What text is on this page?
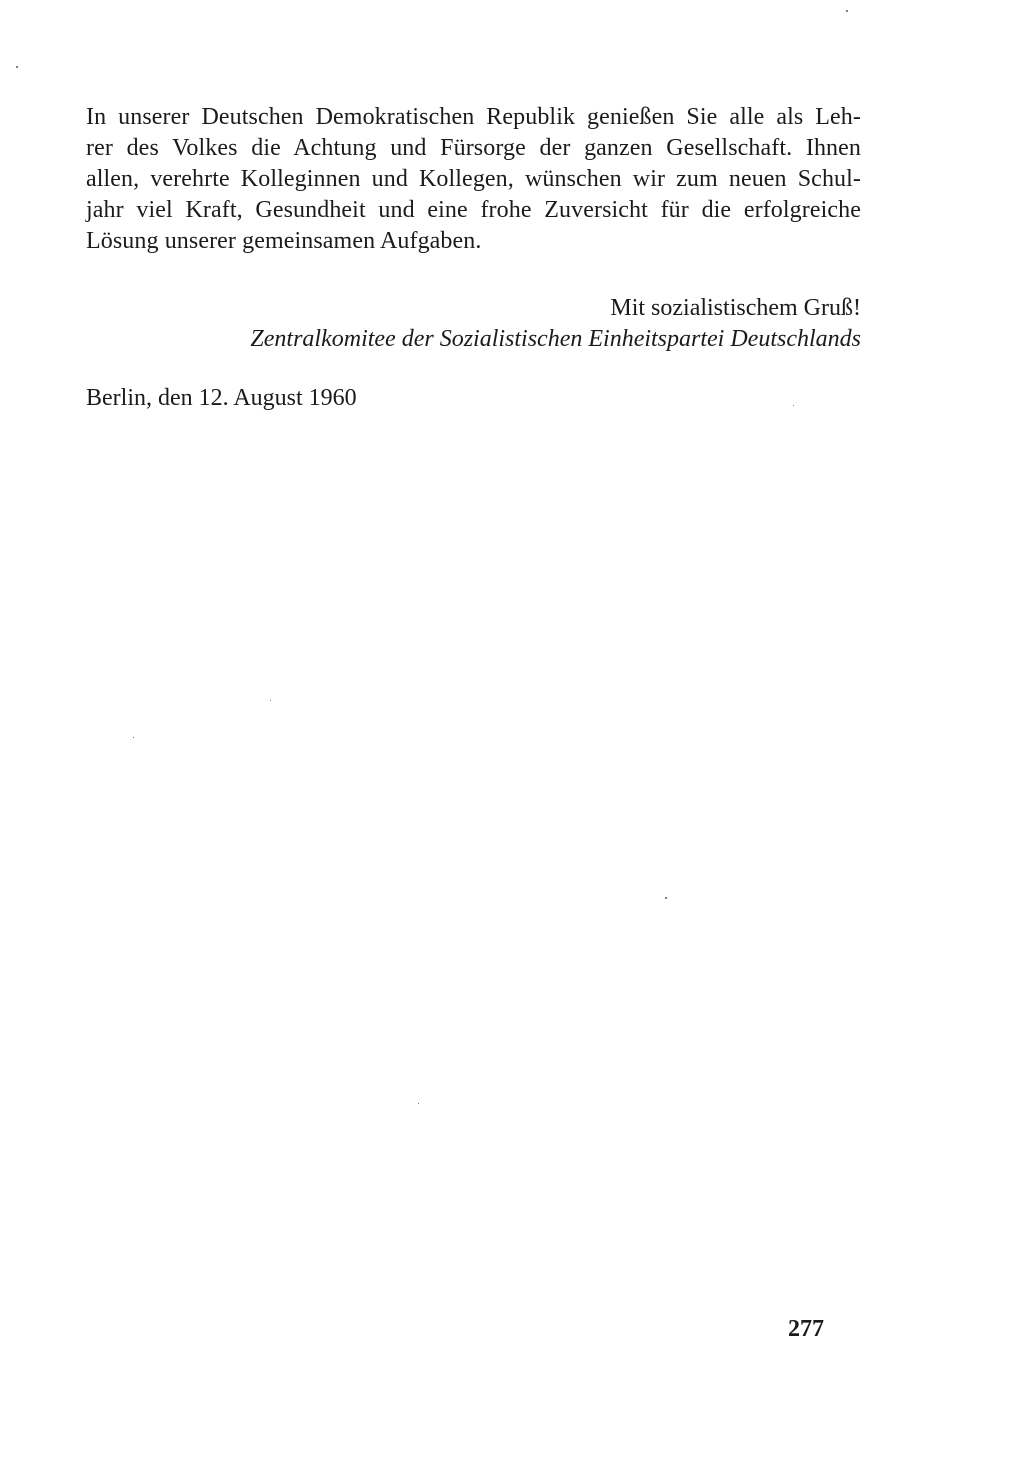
In unserer Deutschen Demokratischen Republik genießen Sie alle als Leh-
rer des Volkes die Achtung und Fürsorge der ganzen Gesellschaft. Ihnen
allen, verehrte Kolleginnen und Kollegen, wünschen wir zum neuen Schul-
jahr viel Kraft, Gesundheit und eine frohe Zuversicht für die erfolgreiche
Lösung unserer gemeinsamen Aufgaben.

Mit sozialistischem Gruß!

Zentralkomitee der Sozialistischen Einheitspartei Deutschlands

Berlin, den 12. August 1960

277
